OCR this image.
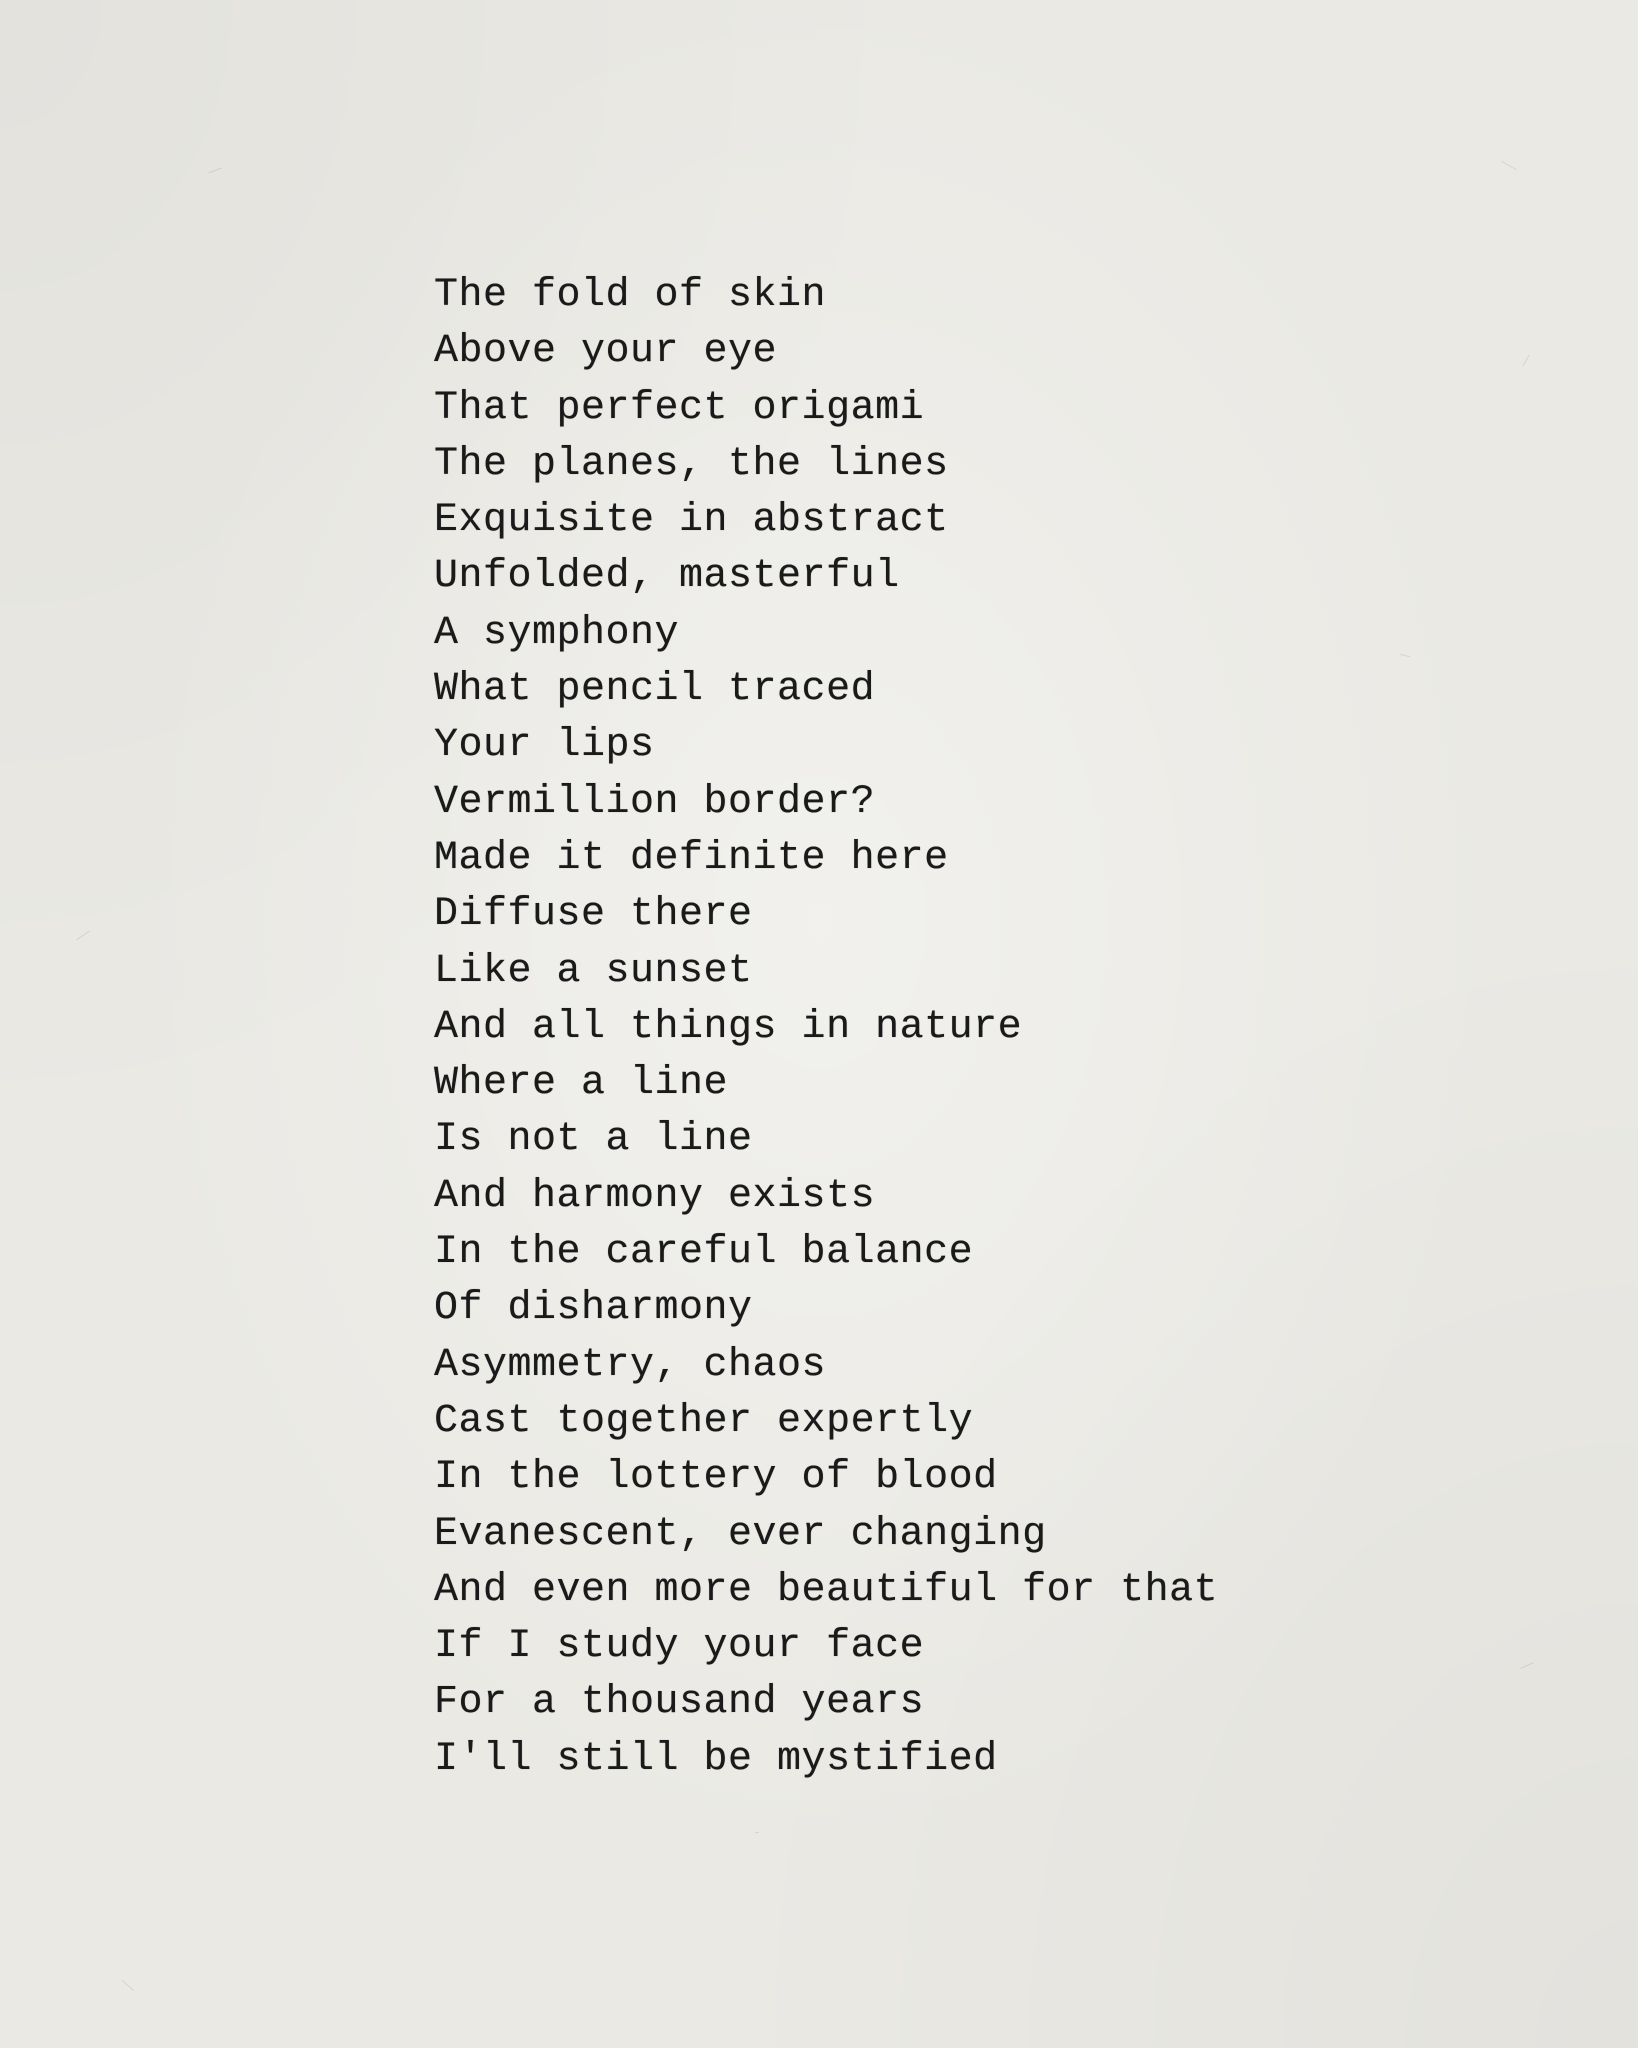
The fold of skin
Above your eye
That perfect origami
The planes, the lines
Exquisite in abstract
Unfolded, masterful
A symphony
What pencil traced
Your lips
Vermillion border?
Made it definite here
Diffuse there
Like a sunset
And all things in nature
Where a line
Is not a line
And harmony exists
In the careful balance
Of disharmony
Asymmetry, chaos
Cast together expertly
In the lottery of blood
Evanescent, ever changing
And even more beautiful for that
If I study your face
For a thousand years
I'll still be mystified
